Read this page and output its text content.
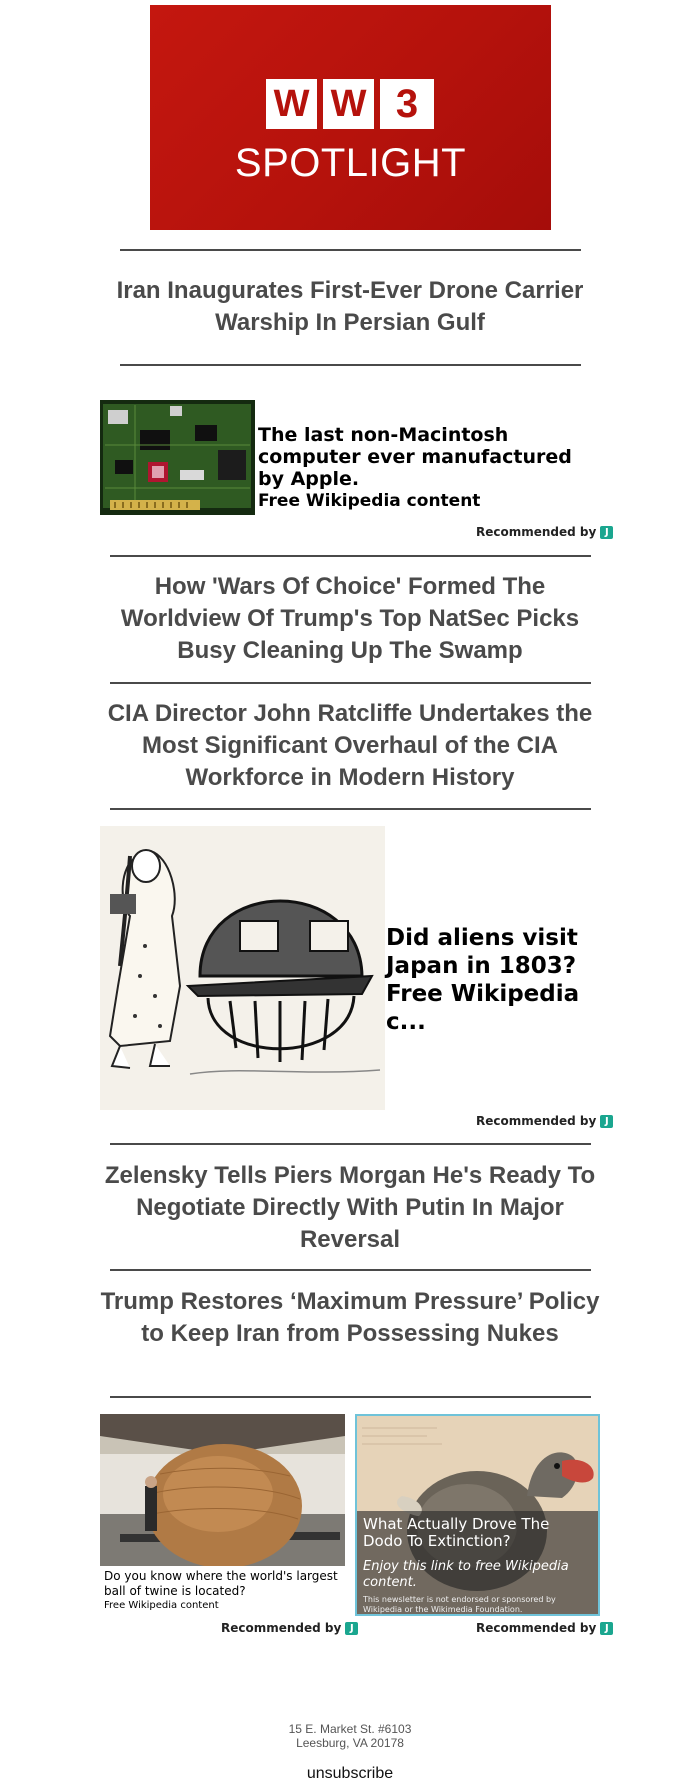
W W 3
SPOTLIGHT
Iran Inaugurates First-Ever Drone Carrier Warship In Persian Gulf
The last non-Macintosh computer ever manufactured by Apple.
Free Wikipedia content
Recommended by J
How 'Wars Of Choice' Formed The Worldview Of Trump's Top NatSec Picks Busy Cleaning Up The Swamp
CIA Director John Ratcliffe Undertakes the Most Significant Overhaul of the CIA Workforce in Modern History
Did aliens visit Japan in 1803?
Free Wikipedia c...
Recommended by J
Zelensky Tells Piers Morgan He's Ready To Negotiate Directly With Putin In Major Reversal
Trump Restores ‘Maximum Pressure’ Policy to Keep Iran from Possessing Nukes
Do you know where the world's largest ball of twine is located?
Free Wikipedia content
Recommended by J
What Actually Drove The Dodo To Extinction?
Enjoy this link to free Wikipedia content.
This newsletter is not endorsed or sponsored by Wikipedia or the Wikimedia Foundation.
Recommended by J
15 E. Market St. #6103
Leesburg, VA 20178
unsubscribe
